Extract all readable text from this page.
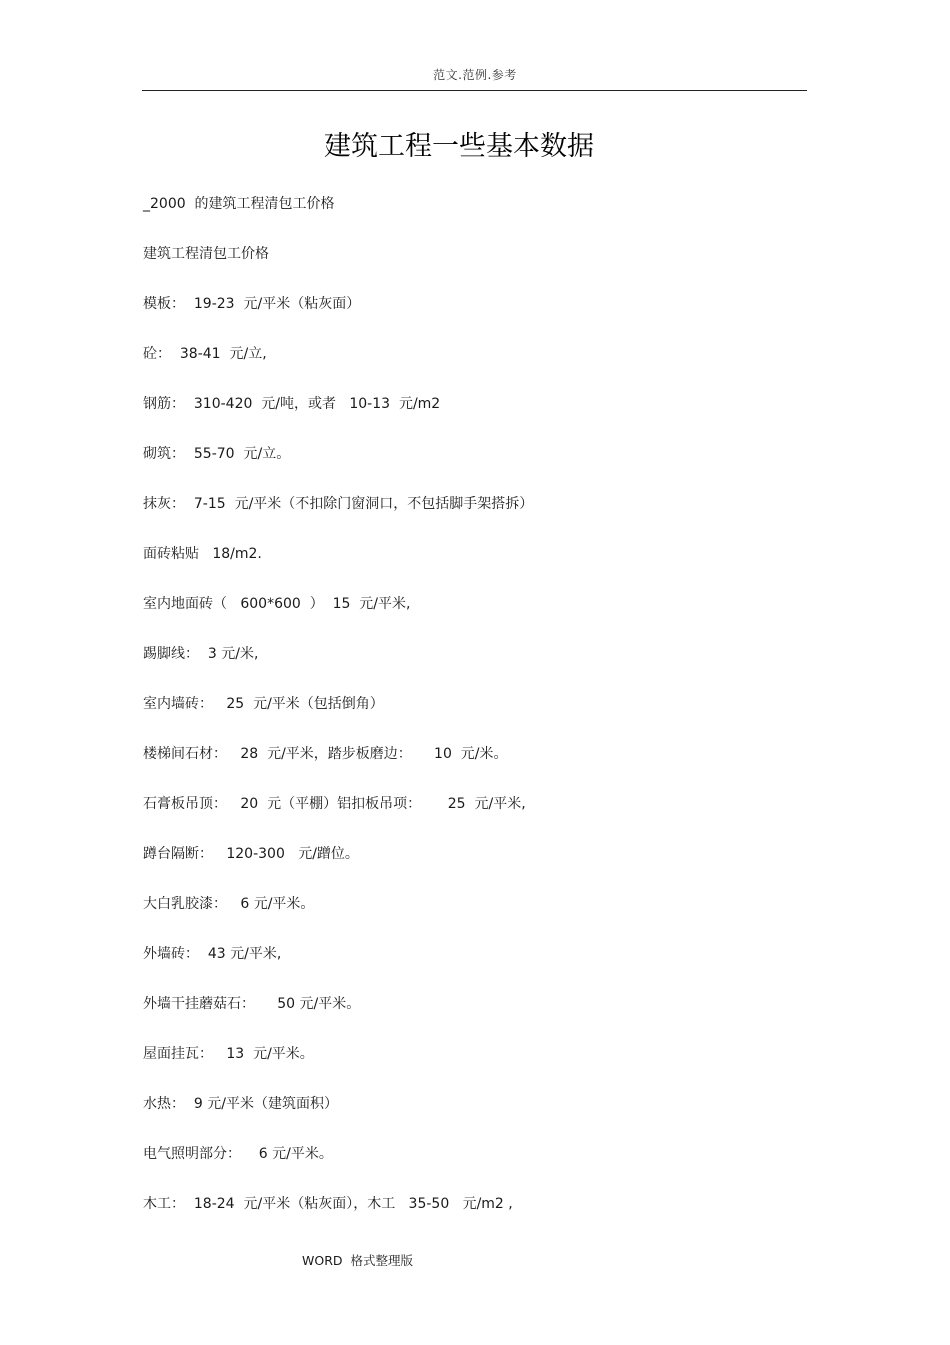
范文.范例.参考
建筑工程一些基本数据
_2000  的建筑工程清包工价格
建筑工程清包工价格
模板：  19-23  元/平米（粘灰面）
砼：  38-41  元/立,
钢筋：  310-420  元/吨，或者   10-13  元/m2
砌筑：  55-70  元/立。
抹灰：  7-15  元/平米（不扣除门窗洞口，不包括脚手架搭拆）
面砖粘贴   18/m2.
室内地面砖（   600*600  ）  15  元/平米,
踢脚线：  3 元/米,
室内墙砖：   25  元/平米（包括倒角）
楼梯间石材：   28  元/平米，踏步板磨边：     10  元/米。
石膏板吊顶：   20  元（平棚）铝扣板吊项：      25  元/平米,
蹲台隔断：   120-300   元/蹭位。
大白乳胶漆：   6 元/平米。
外墙砖：  43 元/平米,
外墙干挂蘑菇石：     50 元/平米。
屋面挂瓦：   13  元/平米。
水热：  9 元/平米（建筑面积）
电气照明部分：    6 元/平米。
木工：  18-24  元/平米（粘灰面），木工   35-50   元/m2 ,
WORD  格式整理版
